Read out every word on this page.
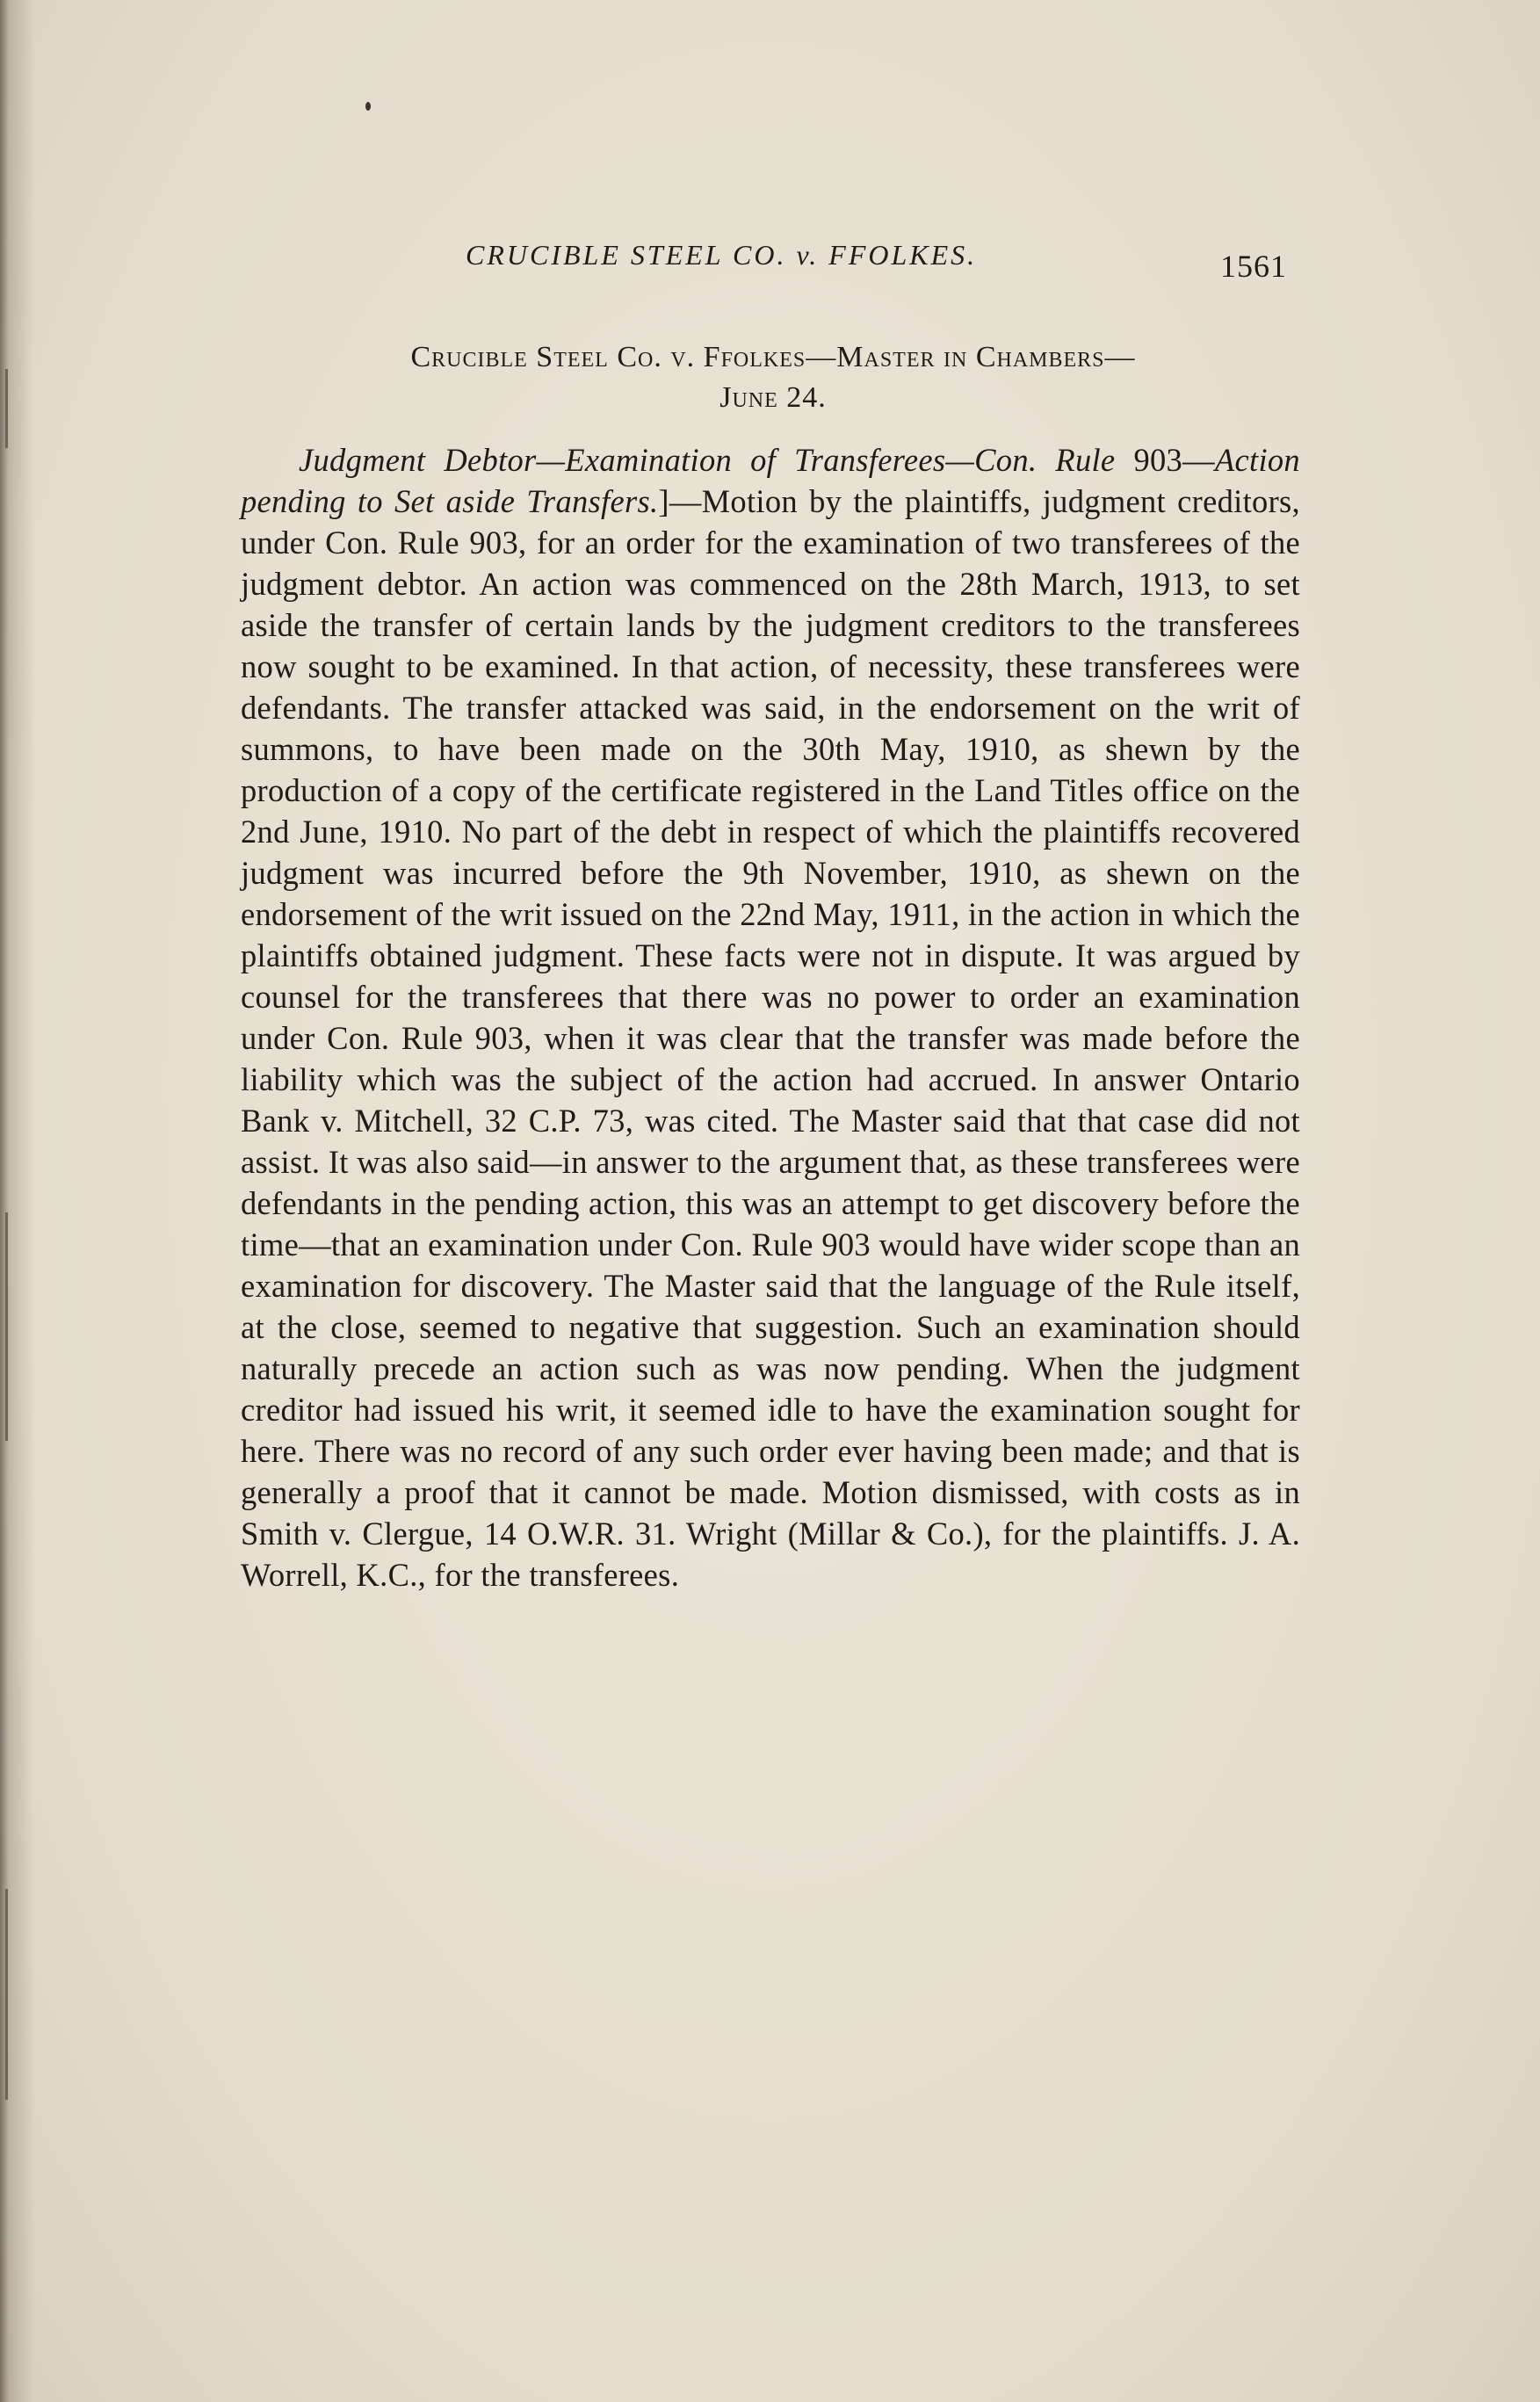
CRUCIBLE STEEL CO. v. FFOLKES.	1561
Crucible Steel Co. v. Ffolkes—Master in Chambers—
June 24.
Judgment Debtor—Examination of Transferees—Con. Rule 903—Action pending to Set aside Transfers.]—Motion by the plaintiffs, judgment creditors, under Con. Rule 903, for an order for the examination of two transferees of the judgment debtor. An action was commenced on the 28th March, 1913, to set aside the transfer of certain lands by the judgment creditors to the transferees now sought to be examined. In that action, of necessity, these transferees were defendants. The transfer attacked was said, in the endorsement on the writ of summons, to have been made on the 30th May, 1910, as shewn by the production of a copy of the certificate registered in the Land Titles office on the 2nd June, 1910. No part of the debt in respect of which the plaintiffs recovered judgment was incurred before the 9th November, 1910, as shewn on the endorsement of the writ issued on the 22nd May, 1911, in the action in which the plaintiffs obtained judgment. These facts were not in dispute. It was argued by counsel for the transferees that there was no power to order an examination under Con. Rule 903, when it was clear that the transfer was made before the liability which was the subject of the action had accrued. In answer Ontario Bank v. Mitchell, 32 C.P. 73, was cited. The Master said that that case did not assist. It was also said—in answer to the argument that, as these transferees were defendants in the pending action, this was an attempt to get discovery before the time—that an examination under Con. Rule 903 would have wider scope than an examination for discovery. The Master said that the language of the Rule itself, at the close, seemed to negative that suggestion. Such an examination should naturally precede an action such as was now pending. When the judgment creditor had issued his writ, it seemed idle to have the examination sought for here. There was no record of any such order ever having been made; and that is generally a proof that it cannot be made. Motion dismissed, with costs as in Smith v. Clergue, 14 O.W.R. 31. Wright (Millar & Co.), for the plaintiffs. J. A. Worrell, K.C., for the transferees.
